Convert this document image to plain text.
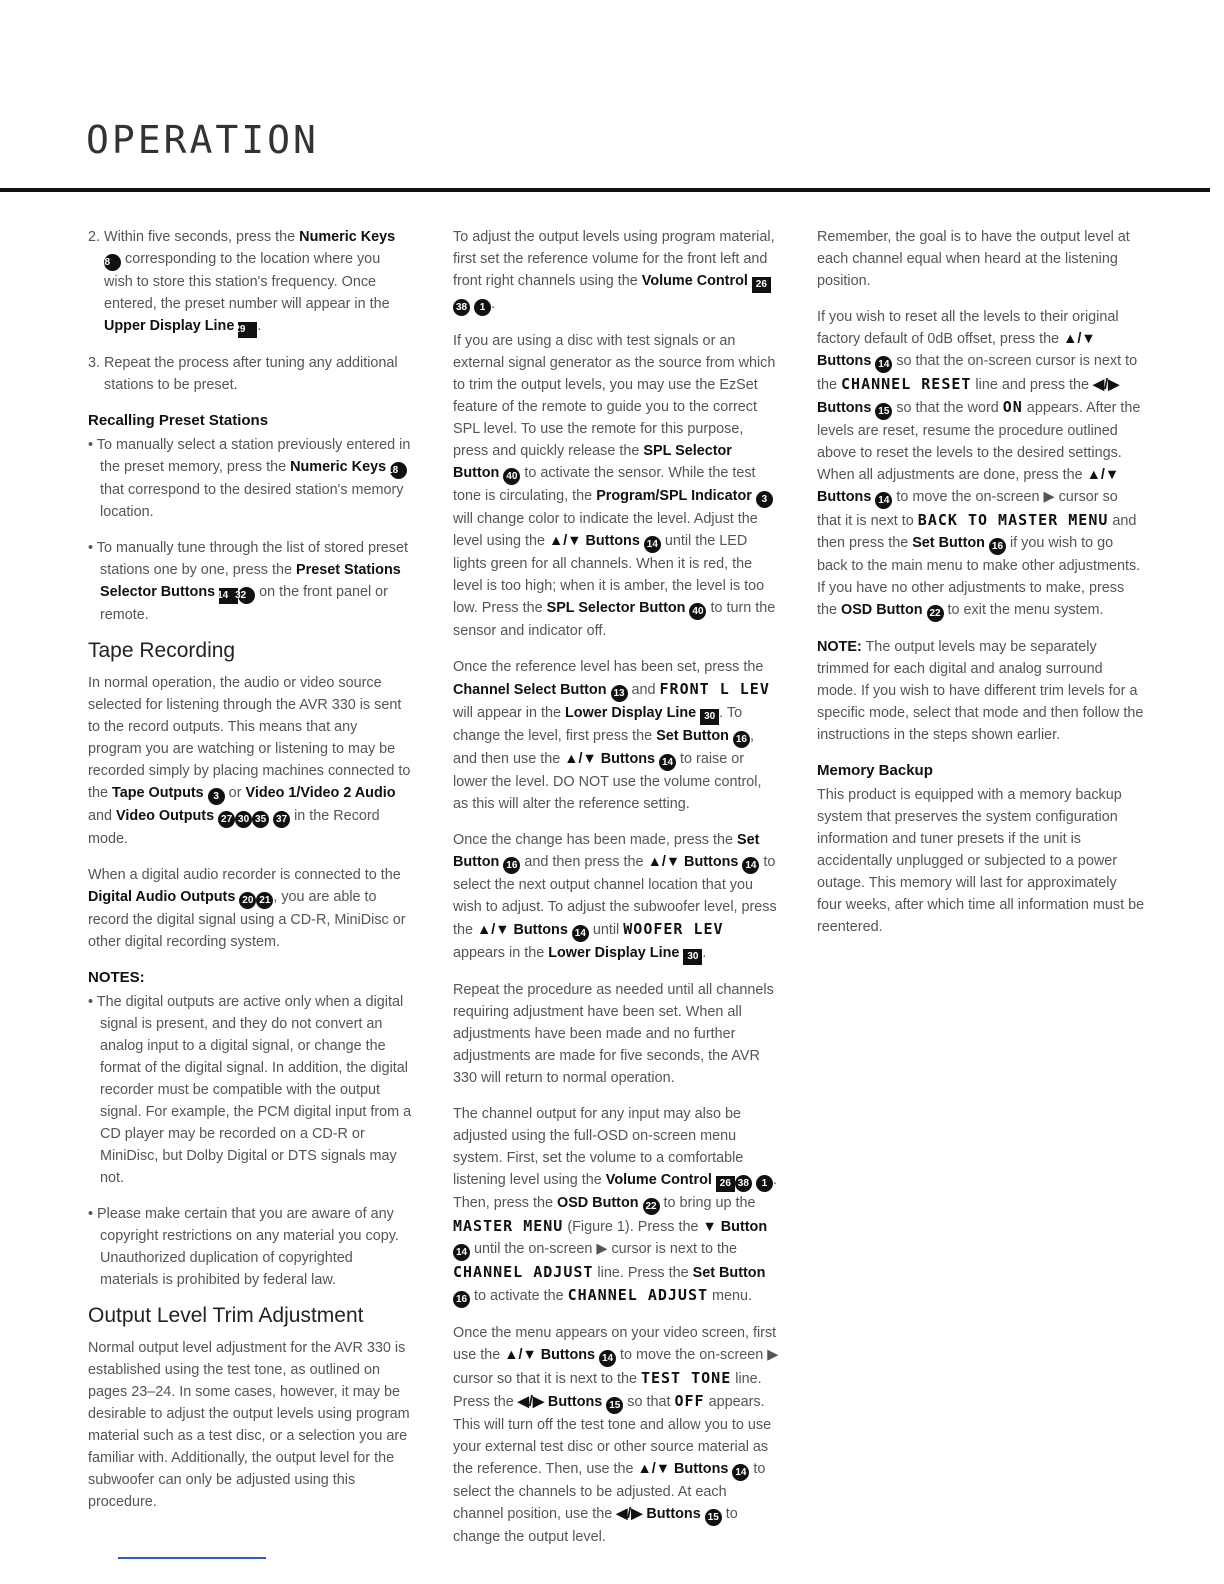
OPERATION

2. Within five seconds, press the Numeric Keys 18 corresponding to the location where you wish to store this station's frequency. Once entered, the preset number will appear in the Upper Display Line 29 .

3. Repeat the process after tuning any additional stations to be preset.

Recalling Preset Stations

• To manually select a station previously entered in the preset memory, press the Numeric Keys 18 that correspond to the desired station's memory location.

• To manually tune through the list of stored preset stations one by one, press the Preset Stations Selector Buttons 14 32 on the front panel or remote.

Tape Recording

In normal operation, the audio or video source selected for listening through the AVR 330 is sent to the record outputs. This means that any program you are watching or listening to may be recorded simply by placing machines connected to the Tape Outputs 3 or Video 1/Video 2 Audio and Video Outputs 27 30 35 37 in the Record mode.

When a digital audio recorder is connected to the Digital Audio Outputs 20 21 , you are able to record the digital signal using a CD-R, MiniDisc or other digital recording system.

NOTES:

• The digital outputs are active only when a digital signal is present, and they do not convert an analog input to a digital signal, or change the format of the digital signal. In addition, the digital recorder must be compatible with the output signal. For example, the PCM digital input from a CD player may be recorded on a CD-R or MiniDisc, but Dolby Digital or DTS signals may not.

• Please make certain that you are aware of any copyright restrictions on any material you copy. Unauthorized duplication of copyrighted materials is prohibited by federal law.

Output Level Trim Adjustment

Normal output level adjustment for the AVR 330 is established using the test tone, as outlined on pages 23–24. In some cases, however, it may be desirable to adjust the output levels using program material such as a test disc, or a selection you are familiar with. Additionally, the output level for the subwoofer can only be adjusted using this procedure.

To adjust the output levels using program material, first set the reference volume for the front left and front right channels using the Volume Control 2638 1 .

If you are using a disc with test signals or an external signal generator as the source from which to trim the output levels, you may use the EzSet feature of the remote to guide you to the correct SPL level. To use the remote for this purpose, press and quickly release the SPL Selector Button 40 to activate the sensor. While the test tone is circulating, the Program/SPL Indicator 3 will change color to indicate the level. Adjust the level using the ▲/▼ Buttons 14 until the LED lights green for all channels. When it is red, the level is too high; when it is amber, the level is too low. Press the SPL Selector Button 40 to turn the sensor and indicator off.

Once the reference level has been set, press the Channel Select Button 13 and FRONT L LEV will appear in the Lower Display Line 30 . To change the level, first press the Set Button 16 , and then use the ▲/▼ Buttons 14 to raise or lower the level. DO NOT use the volume control, as this will alter the reference setting.

Once the change has been made, press the Set Button 16 and then press the ▲/▼ Buttons 14 to select the next output channel location that you wish to adjust. To adjust the subwoofer level, press the ▲/▼ Buttons 14 until WOOFER LEV appears in the Lower Display Line 30 .

Repeat the procedure as needed until all channels requiring adjustment have been set. When all adjustments have been made and no further adjustments are made for five seconds, the AVR 330 will return to normal operation.

The channel output for any input may also be adjusted using the full-OSD on-screen menu system. First, set the volume to a comfortable listening level using the Volume Control 26 38 1 . Then, press the OSD Button 22 to bring up the MASTER MENU (Figure 1). Press the ▼ Button 14 until the on-screen ▶ cursor is next to the CHANNEL ADJUST line. Press the Set Button 16 to activate the CHANNEL ADJUST menu.

Once the menu appears on your video screen, first use the ▲/▼ Buttons 14 to move the on-screen ▶ cursor so that it is next to the TEST TONE line. Press the ◀/▶ Buttons 15 so that OFF appears. This will turn off the test tone and allow you to use your external test disc or other source material as the reference. Then, use the ▲/▼ Buttons 14 to select the channels to be adjusted. At each channel position, use the ◀/▶ Buttons 15 to change the output level.

Remember, the goal is to have the output level at each channel equal when heard at the listening position.

If you wish to reset all the levels to their original factory default of 0dB offset, press the ▲/▼ Buttons 14 so that the on-screen cursor is next to the CHANNEL RESET line and press the ◀/▶ Buttons 15 so that the word ON appears. After the levels are reset, resume the procedure outlined above to reset the levels to the desired settings. When all adjustments are done, press the ▲/▼ Buttons 14 to move the on-screen ▶ cursor so that it is next to BACK TO MASTER MENU and then press the Set Button 16 if you wish to go back to the main menu to make other adjustments. If you have no other adjustments to make, press the OSD Button 22 to exit the menu system.

NOTE: The output levels may be separately trimmed for each digital and analog surround mode. If you wish to have different trim levels for a specific mode, select that mode and then follow the instructions in the steps shown earlier.

Memory Backup

This product is equipped with a memory backup system that preserves the system configuration information and tuner presets if the unit is accidentally unplugged or subjected to a power outage. This memory will last for approximately four weeks, after which time all information must be reentered.
